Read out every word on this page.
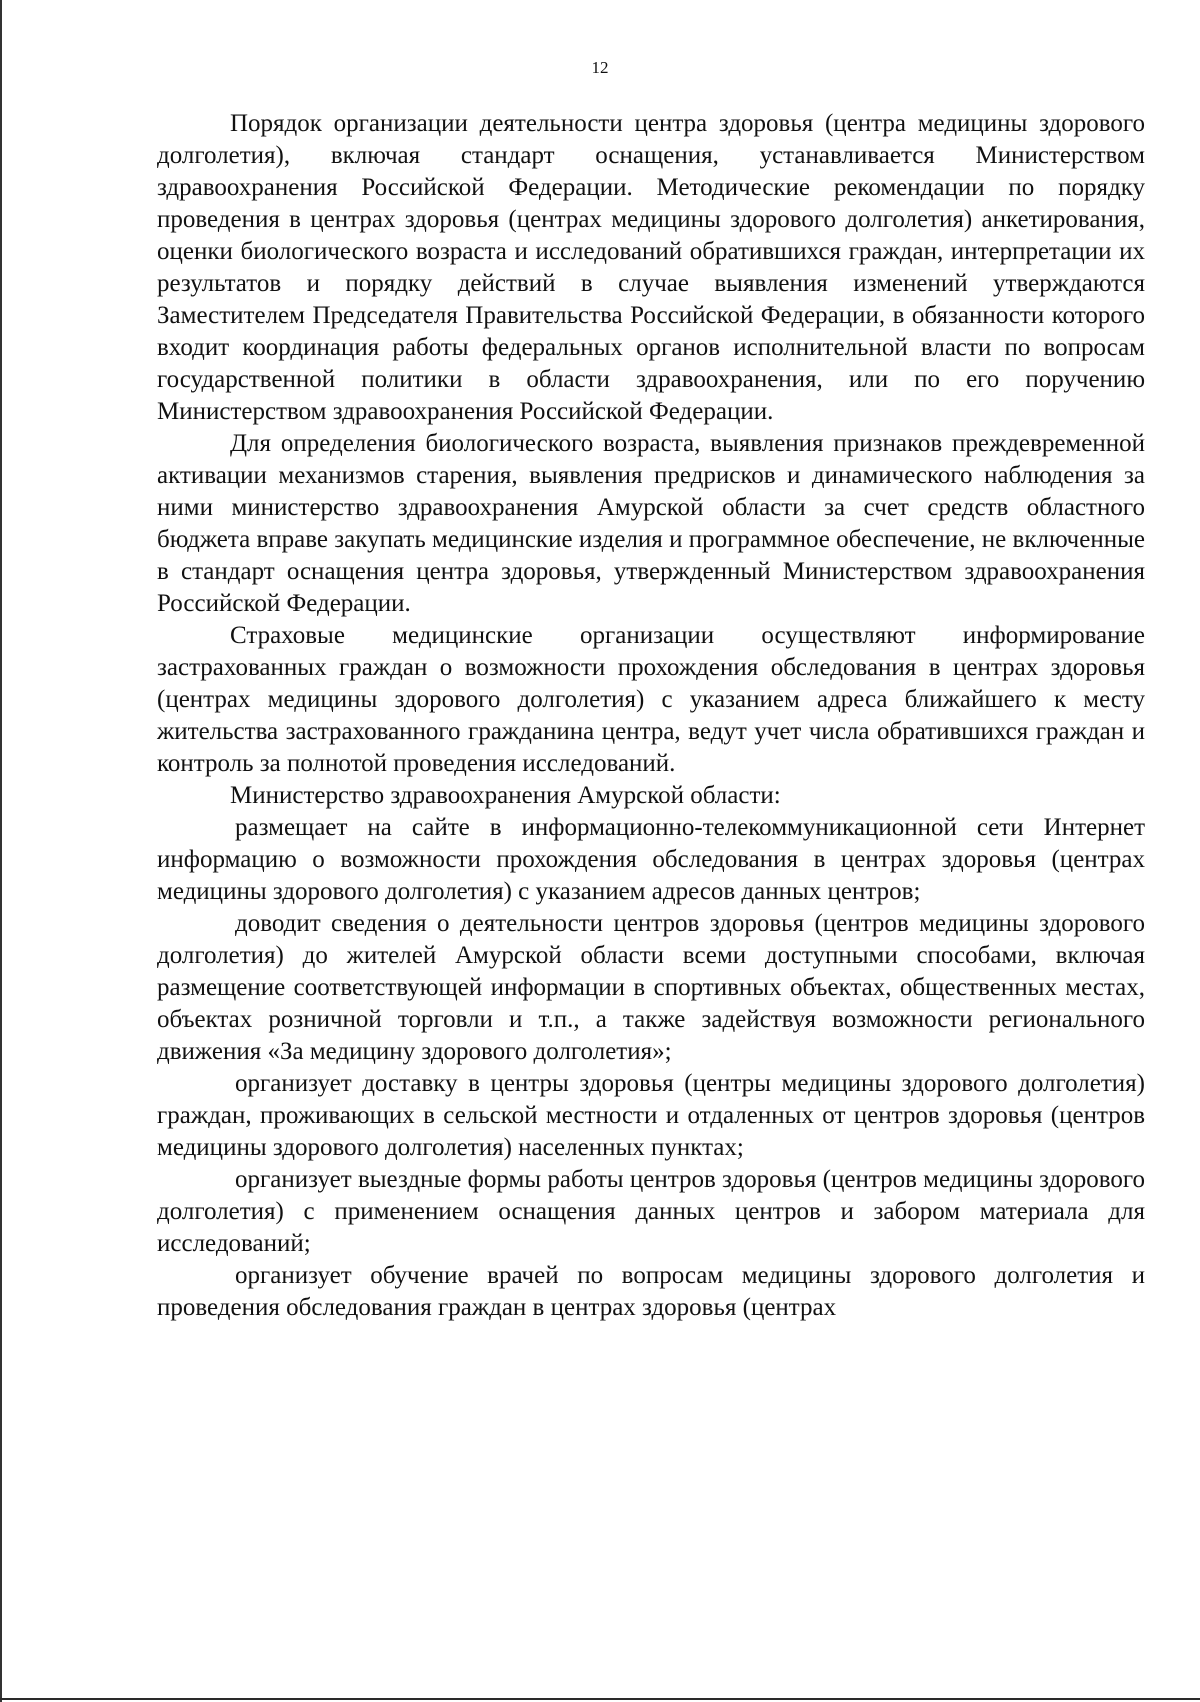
12

Порядок организации деятельности центра здоровья (центра медицины здорового долголетия), включая стандарт оснащения, устанавливается Министерством здравоохранения Российской Федерации. Методические рекомендации по порядку проведения в центрах здоровья (центрах медицины здорового долголетия) анкетирования, оценки биологического возраста и исследований обратившихся граждан, интерпретации их результатов и порядку действий в случае выявления изменений утверждаются Заместителем Председателя Правительства Российской Федерации, в обязанности которого входит координация работы федеральных органов исполнительной власти по вопросам государственной политики в области здравоохранения, или по его поручению Министерством здравоохранения Российской Федерации.

Для определения биологического возраста, выявления признаков преждевременной активации механизмов старения, выявления предрисков и динамического наблюдения за ними министерство здравоохранения Амурской области за счет средств областного бюджета вправе закупать медицинские изделия и программное обеспечение, не включенные в стандарт оснащения центра здоровья, утвержденный Министерством здравоохранения Российской Федерации.

Страховые медицинские организации осуществляют информирование застрахованных граждан о возможности прохождения обследования в центрах здоровья (центрах медицины здорового долголетия) с указанием адреса ближайшего к месту жительства застрахованного гражданина центра, ведут учет числа обратившихся граждан и контроль за полнотой проведения исследований.

Министерство здравоохранения Амурской области:

размещает на сайте в информационно-телекоммуникационной сети Интернет информацию о возможности прохождения обследования в центрах здоровья (центрах медицины здорового долголетия) с указанием адресов данных центров;

доводит сведения о деятельности центров здоровья (центров медицины здорового долголетия) до жителей Амурской области всеми доступными способами, включая размещение соответствующей информации в спортивных объектах, общественных местах, объектах розничной торговли и т.п., а также задействуя возможности регионального движения «За медицину здорового долголетия»;

организует доставку в центры здоровья (центры медицины здорового долголетия) граждан, проживающих в сельской местности и отдаленных от центров здоровья (центров медицины здорового долголетия) населенных пунктах;

организует выездные формы работы центров здоровья (центров медицины здорового долголетия) с применением оснащения данных центров и забором материала для исследований;

организует обучение врачей по вопросам медицины здорового долголетия и проведения обследования граждан в центрах здоровья (центрах
